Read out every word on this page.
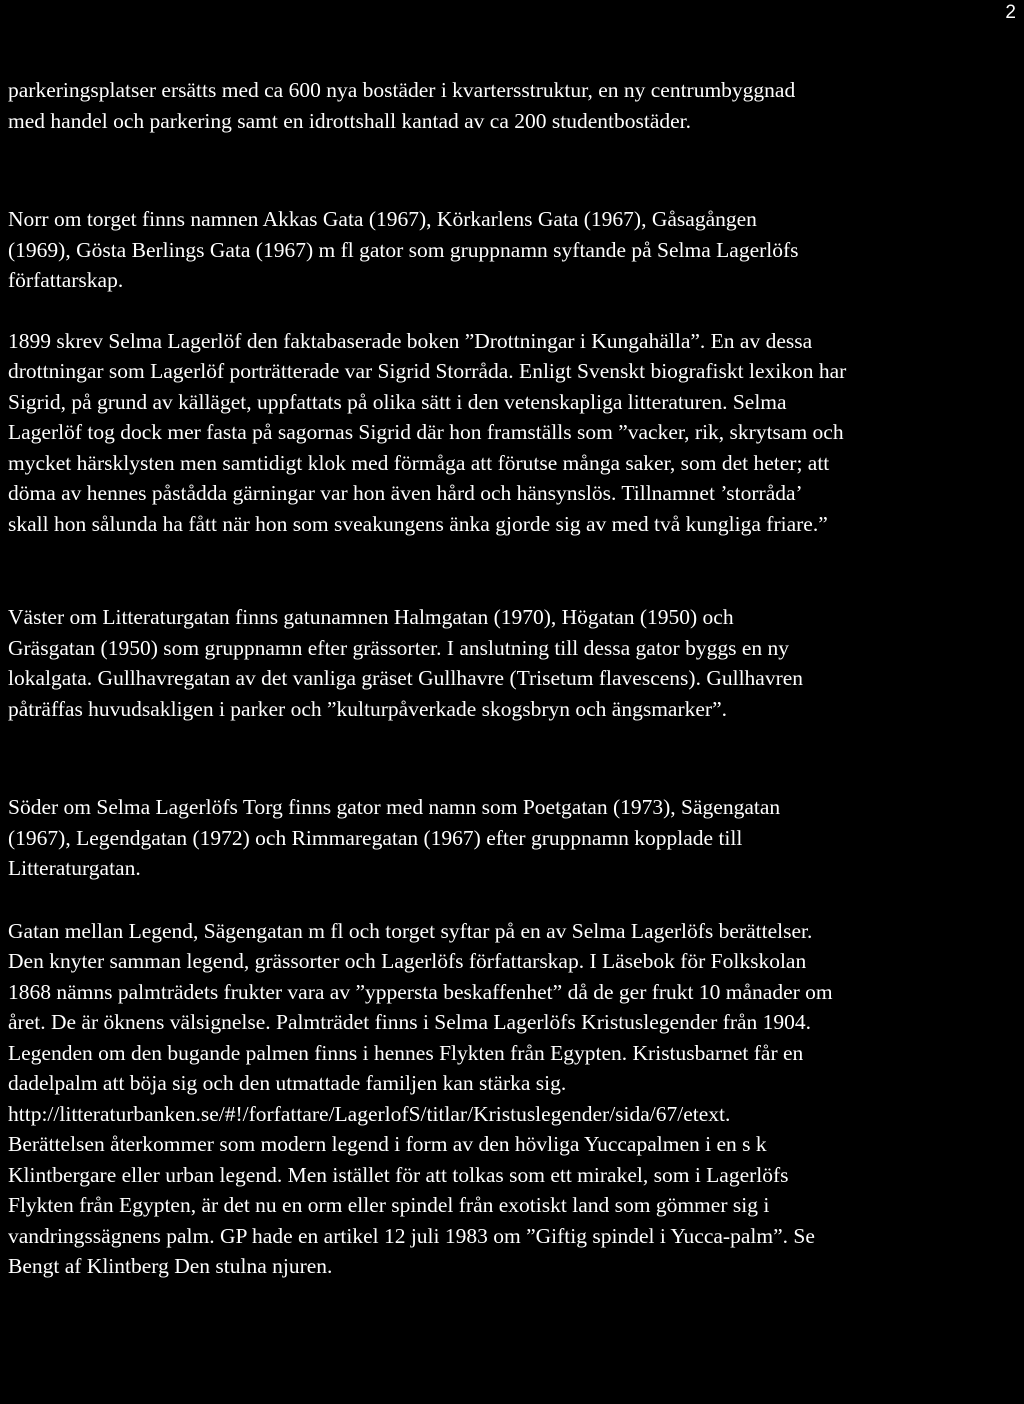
2

parkeringsplatser ersätts med ca 600 nya bostäder i kvartersstruktur, en ny centrumbyggnad
med handel och parkering samt en idrottshall kantad av ca 200 studentbostäder.

Norr om torget finns namnen Akkas Gata (1967), Körkarlens Gata (1967), Gåsagången
(1969), Gösta Berlings Gata (1967) m fl gator som gruppnamn syftande på Selma Lagerlöfs
författarskap.

1899 skrev Selma Lagerlöf den faktabaserade boken ”Drottningar i Kungahälla”. En av dessa
drottningar som Lagerlöf porträtterade var Sigrid Storråda. Enligt Svenskt biografiskt lexikon har
Sigrid, på grund av källäget, uppfattats på olika sätt i den vetenskapliga litteraturen. Selma
Lagerlöf tog dock mer fasta på sagornas Sigrid där hon framställs som ”vacker, rik, skrytsam och
mycket härsklysten men samtidigt klok med förmåga att förutse många saker, som det heter; att
döma av hennes påstådda gärningar var hon även hård och hänsynslös. Tillnamnet ’storråda’
skall hon sålunda ha fått när hon som sveakungens änka gjorde sig av med två kungliga friare.”

Väster om Litteraturgatan finns gatunamnen Halmgatan (1970), Högatan (1950) och
Gräsgatan (1950) som gruppnamn efter grässorter. I anslutning till dessa gator byggs en ny
lokalgata. Gullhavregatan av det vanliga gräset Gullhavre (Trisetum flavescens). Gullhavren
påträffas huvudsakligen i parker och ”kulturpåverkade skogsbryn och ängsmarker”.

Söder om Selma Lagerlöfs Torg finns gator med namn som Poetgatan (1973), Sägengatan
(1967), Legendgatan (1972) och Rimmaregatan (1967) efter gruppnamn kopplade till
Litteraturgatan.

Gatan mellan Legend, Sägengatan m fl och torget syftar på en av Selma Lagerlöfs berättelser.
Den knyter samman legend, grässorter och Lagerlöfs författarskap. I Läsebok för Folkskolan
1868 nämns palmträdets frukter vara av ”yppersta beskaffenhet” då de ger frukt 10 månader om
året. De är öknens välsignelse. Palmträdet finns i Selma Lagerlöfs Kristuslegender från 1904.
Legenden om den bugande palmen finns i hennes Flykten från Egypten. Kristusbarnet får en
dadelpalm att böja sig och den utmattade familjen kan stärka sig.
http://litteraturbanken.se/#!/forfattare/LagerlofS/titlar/Kristuslegender/sida/67/etext.
Berättelsen återkommer som modern legend i form av den hövliga Yuccapalmen i en s k
Klintbergare eller urban legend. Men istället för att tolkas som ett mirakel, som i Lagerlöfs
Flykten från Egypten, är det nu en orm eller spindel från exotiskt land som gömmer sig i
vandringssägnens palm. GP hade en artikel 12 juli 1983 om ”Giftig spindel i Yucca-palm”. Se
Bengt af Klintberg Den stulna njuren.
